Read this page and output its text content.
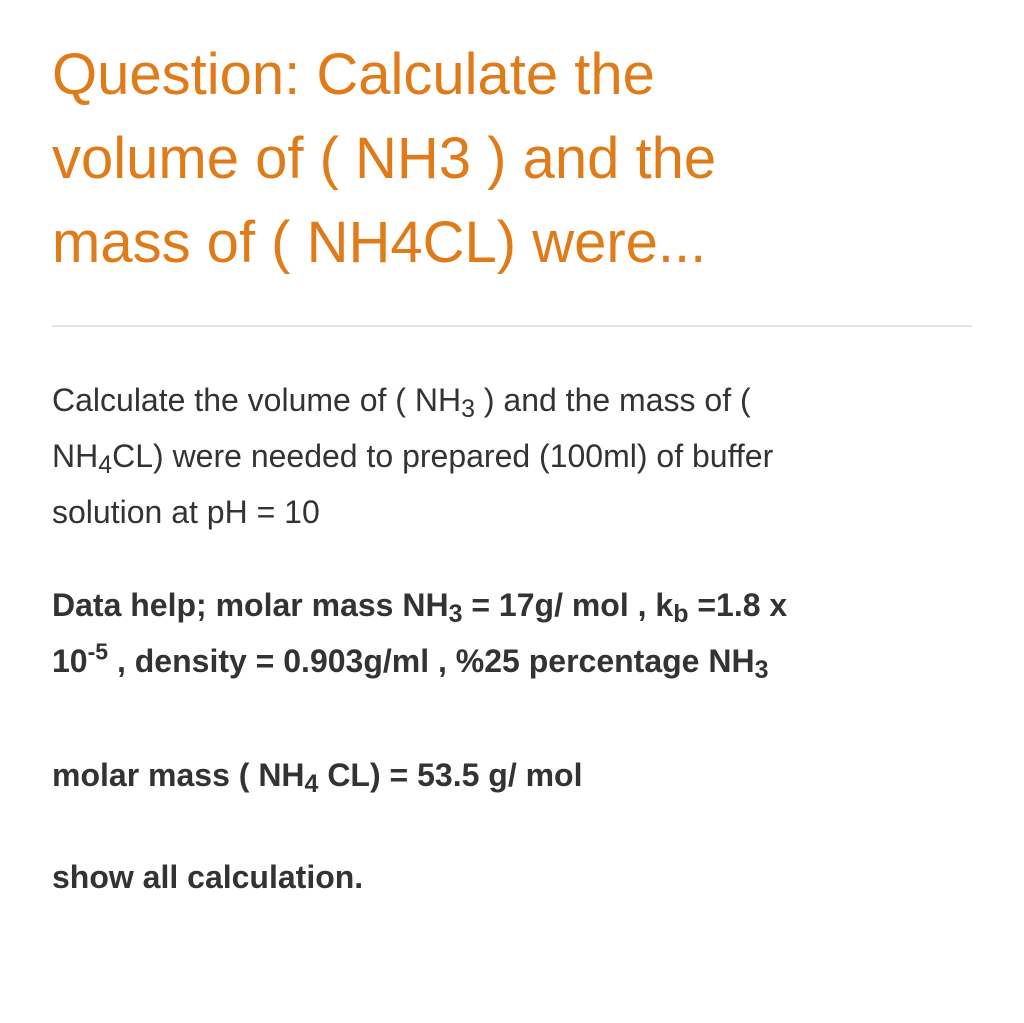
Question: Calculate the
volume of ( NH3 ) and the
mass of ( NH4CL) were...

Calculate the volume of ( $NH_3$ ) and the mass of (
$NH_4CL$) were needed to prepared (100ml) of buffer
solution at pH = 10

Data help; molar mass $NH_3 = 17g/$ mol , $k_b =1.8$ x
$10^{-5}$ , density = 0.903g/ml , %25 percentage $NH_3$

molar mass ( $NH_4$ CL) = 53.5 g/ mol

show all calculation.
